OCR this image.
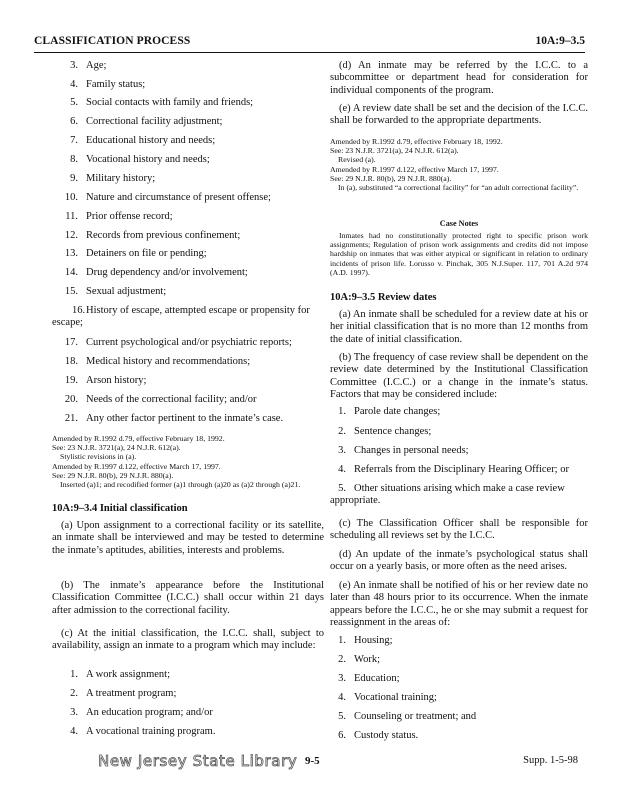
CLASSIFICATION PROCESS	10A:9–3.5
3. Age;
4. Family status;
5. Social contacts with family and friends;
6. Correctional facility adjustment;
7. Educational history and needs;
8. Vocational history and needs;
9. Military history;
10. Nature and circumstance of present offense;
11. Prior offense record;
12. Records from previous confinement;
13. Detainers on file or pending;
14. Drug dependency and/or involvement;
15. Sexual adjustment;
16.History of escape, attempted escape or propensity for escape;
17. Current psychological and/or psychiatric reports;
18. Medical history and recommendations;
19. Arson history;
20. Needs of the correctional facility; and/or
21. Any other factor pertinent to the inmate’s case.

Amended by R.1992 d.79, effective February 18, 1992.

See: 23 N.J.R. 3721(a), 24 N.J.R. 612(a).

Stylistic revisions in (a).

Amended by R.1997 d.122, effective March 17, 1997.

See: 29 N.J.R. 80(b), 29 N.J.R. 880(a).

Inserted (a)1; and recodified former (a)1 through (a)20 as (a)2 through (a)21.

10A:9–3.4 Initial classification

(a) Upon assignment to a correctional facility or its satellite, an inmate shall be interviewed and may be tested to determine the inmate’s aptitudes, abilities, interests and problems.

(b) The inmate’s appearance before the Institutional Classification Committee (I.C.C.) shall occur within 21 days after admission to the correctional facility.

(c) At the initial classification, the I.C.C. shall, subject to availability, assign an inmate to a program which may include:

1. A work assignment;
2. A treatment program;
3. An education program; and/or
4. A vocational training program.

(d) An inmate may be referred by the I.C.C. to a subcommittee or department head for consideration for individual components of the program.

(e) A review date shall be set and the decision of the I.C.C. shall be forwarded to the appropriate departments.

Amended by R.1992 d.79, effective February 18, 1992.

See: 23 N.J.R. 3721(a), 24 N.J.R. 612(a).

Revised (a).

Amended by R.1997 d.122, effective March 17, 1997.

See: 29 N.J.R. 80(b), 29 N.J.R. 880(a).

In (a), substituted “a correctional facility” for “an adult correctional facility”.

Case Notes

Inmates had no constitutionally protected right to specific prison work assignments; Regulation of prison work assignments and credits did not impose hardship on inmates that was either atypical or significant in relation to ordinary incidents of prison life. Lorusso v. Pinchak, 305 N.J.Super. 117, 701 A.2d 974 (A.D. 1997).

10A:9–3.5 Review dates

(a) An inmate shall be scheduled for a review date at his or her initial classification that is no more than 12 months from the date of initial classification.

(b) The frequency of case review shall be dependent on the review date determined by the Institutional Classification Committee (I.C.C.) or a change in the inmate’s status. Factors that may be considered include:

1. Parole date changes;
2. Sentence changes;
3. Changes in personal needs;
4. Referrals from the Disciplinary Hearing Officer; or
5. Other situations arising which make a case review appropriate.

(c) The Classification Officer shall be responsible for scheduling all reviews set by the I.C.C.

(d) An update of the inmate’s psychological status shall occur on a yearly basis, or more often as the need arises.

(e) An inmate shall be notified of his or her review date no later than 48 hours prior to its occurrence. When the inmate appears before the I.C.C., he or she may submit a request for reassignment in the areas of:

1. Housing;
2. Work;
3. Education;
4. Vocational training;
5. Counseling or treatment; and
6. Custody status.
New Jersey State Library 9-5	Supp. 1-5-98
